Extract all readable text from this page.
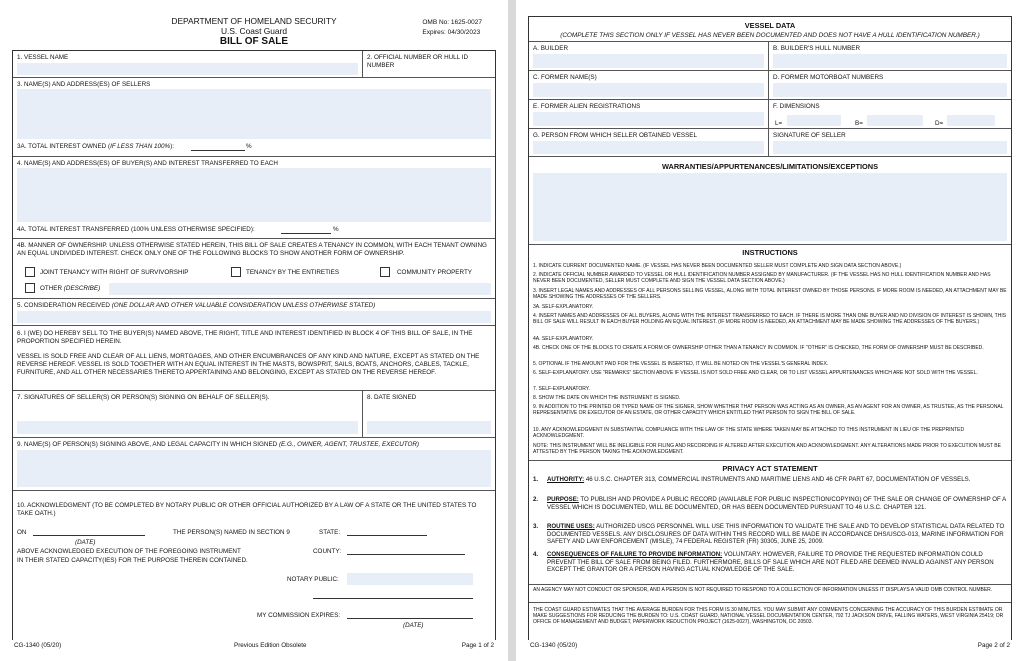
DEPARTMENT OF HOMELAND SECURITY
U.S. Coast Guard
BILL OF SALE
OMB No: 1625-0027
Expires: 04/30/2023
1. VESSEL NAME	2. OFFICIAL NUMBER OR HULL ID NUMBER
3. NAME(S) AND ADDRESS(ES) OF SELLERS
3A. TOTAL INTEREST OWNED (IF LESS THAN 100%):	%
4. NAME(S) AND ADDRESS(ES) OF BUYER(S) AND INTEREST TRANSFERRED TO EACH
4A. TOTAL INTEREST TRANSFERRED (100% UNLESS OTHERWISE SPECIFIED):	%
4B. MANNER OF OWNERSHIP. UNLESS OTHERWISE STATED HEREIN, THIS BILL OF SALE CREATES A TENANCY IN COMMON, WITH EACH TENANT OWNING AN EQUAL UNDIVIDED INTEREST. CHECK ONLY ONE OF THE FOLLOWING BLOCKS TO SHOW ANOTHER FORM OF OWNERSHIP.
JOINT TENANCY WITH RIGHT OF SURVIVORSHIP	TENANCY BY THE ENTIRETIES	COMMUNITY PROPERTY
OTHER (DESCRIBE)
5. CONSIDERATION RECEIVED (ONE DOLLAR AND OTHER VALUABLE CONSIDERATION UNLESS OTHERWISE STATED)
6. I (WE) DO HEREBY SELL TO THE BUYER(S) NAMED ABOVE, THE RIGHT, TITLE AND INTEREST IDENTIFIED IN BLOCK 4 OF THIS BILL OF SALE, IN THE PROPORTION SPECIFIED HEREIN.
VESSEL IS SOLD FREE AND CLEAR OF ALL LIENS, MORTGAGES, AND OTHER ENCUMBRANCES OF ANY KIND AND NATURE, EXCEPT AS STATED ON THE REVERSE HEREOF. VESSEL IS SOLD TOGETHER WITH AN EQUAL INTEREST IN THE MASTS, BOWSPRIT, SAILS, BOATS, ANCHORS, CABLES, TACKLE, FURNITURE, AND ALL OTHER NECESSARIES THERETO APPERTAINING AND BELONGING, EXCEPT AS STATED ON THE REVERSE HEREOF.
7. SIGNATURES OF SELLER(S) OR PERSON(S) SIGNING ON BEHALF OF SELLER(S).	8. DATE SIGNED
9. NAME(S) OF PERSON(S) SIGNING ABOVE, AND LEGAL CAPACITY IN WHICH SIGNED (E.G., OWNER, AGENT, TRUSTEE, EXECUTOR)
10. ACKNOWLEDGMENT (TO BE COMPLETED BY NOTARY PUBLIC OR OTHER OFFICIAL AUTHORIZED BY A LAW OF A STATE OR THE UNITED STATES TO TAKE OATH.)
ON
(DATE)
THE PERSON(S) NAMED IN SECTION 9	STATE:
ABOVE ACKNOWLEDGED EXECUTION OF THE FOREGOING INSTRUMENT
IN THEIR STATED CAPACITY(IES) FOR THE PURPOSE THEREIN CONTAINED.
COUNTY:
NOTARY PUBLIC:
MY COMMISSION EXPIRES:
(DATE)
CG-1340 (05/20)	Previous Edition Obsolete	Page 1 of 2
VESSEL DATA
(COMPLETE THIS SECTION ONLY IF VESSEL HAS NEVER BEEN DOCUMENTED AND DOES NOT HAVE A HULL IDENTIFICATION NUMBER.)
A. BUILDER	B. BUILDER'S HULL NUMBER
C. FORMER NAME(S)	D. FORMER MOTORBOAT NUMBERS
E. FORMER ALIEN REGISTRATIONS	F. DIMENSIONS
L=	B=	D=
G. PERSON FROM WHICH SELLER OBTAINED VESSEL	SIGNATURE OF SELLER
WARRANTIES/APPURTENANCES/LIMITATIONS/EXCEPTIONS
INSTRUCTIONS
1. INDICATE CURRENT DOCUMENTED NAME. (IF VESSEL HAS NEVER BEEN DOCUMENTED SELLER MUST COMPLETE AND SIGN DATA SECTION ABOVE.)
2. INDICATE OFFICIAL NUMBER AWARDED TO VESSEL OR HULL IDENTIFICATION NUMBER ASSIGNED BY MANUFACTURER. (IF THE VESSEL HAS NO HULL IDENTIFICATION NUMBER AND HAS NEVER BEEN DOCUMENTED, SELLER MUST COMPLETE AND SIGN THE VESSEL DATA SECTION ABOVE.)
3. INSERT LEGAL NAMES AND ADDRESSES OF ALL PERSONS SELLING VESSEL, ALONG WITH TOTAL INTEREST OWNED BY THOSE PERSONS. IF MORE ROOM IS NEEDED, AN ATTACHMENT MAY BE MADE SHOWING THE ADDRESSES OF THE SELLERS.
3A. SELF-EXPLANATORY.
4. INSERT NAMES AND ADDRESSES OF ALL BUYERS, ALONG WITH THE INTEREST TRANSFERRED TO EACH. IF THERE IS MORE THAN ONE BUYER AND NO DIVISION OF INTEREST IS SHOWN, THIS BILL OF SALE WILL RESULT IN EACH BUYER HOLDING AN EQUAL INTEREST. (IF MORE ROOM IS NEEDED, AN ATTACHMENT MAY BE MADE SHOWING THE ADDRESSES OF THE BUYERS.)
4A. SELF-EXPLANATORY.
4B. CHECK ONE OF THE BLOCKS TO CREATE A FORM OF OWNERSHIP OTHER THAN A TENANCY IN COMMON. IF "OTHER" IS CHECKED, THE FORM OF OWNERSHIP MUST BE DESCRIBED.
5. OPTIONAL IF THE AMOUNT PAID FOR THE VESSEL IS INSERTED, IT WILL BE NOTED ON THE VESSEL'S GENERAL INDEX.
6. SELF-EXPLANATORY. USE "REMARKS" SECTION ABOVE IF VESSEL IS NOT SOLD FREE AND CLEAR, OR TO LIST VESSEL APPURTENANCES WHICH ARE NOT SOLD WITH THE VESSEL.
7. SELF-EXPLANATORY.
8. SHOW THE DATE ON WHICH THE INSTRUMENT IS SIGNED.
9. IN ADDITION TO THE PRINTED OR TYPED NAME OF THE SIGNER, SHOW WHETHER THAT PERSON WAS ACTING AS AN OWNER, AS AN AGENT FOR AN OWNER, AS TRUSTEE, AS THE PERSONAL REPRESENTATIVE OR EXECUTOR OF AN ESTATE, OR OTHER CAPACITY WHICH ENTITLED THAT PERSON TO SIGN THE BILL OF SALE.
10. ANY ACKNOWLEDGMENT IN SUBSTANTIAL COMPLIANCE WITH THE LAW OF THE STATE WHERE TAKEN MAY BE ATTACHED TO THIS INSTRUMENT IN LIEU OF THE PREPRINTED ACKNOWLEDGMENT.
NOTE: THIS INSTRUMENT WILL BE INELIGIBLE FOR FILING AND RECORDING IF ALTERED AFTER EXECUTION AND ACKNOWLEDGMENT. ANY ALTERATIONS MADE PRIOR TO EXECUTION MUST BE ATTESTED BY THE PERSON TAKING THE ACKNOWLEDGMENT.
PRIVACY ACT STATEMENT
1. AUTHORITY: 46 U.S.C. CHAPTER 313, COMMERCIAL INSTRUMENTS AND MARITIME LIENS AND 46 CFR PART 67, DOCUMENTATION OF VESSELS.
2. PURPOSE: TO PUBLISH AND PROVIDE A PUBLIC RECORD (AVAILABLE FOR PUBLIC INSPECTION/COPYING) OF THE SALE OR CHANGE OF OWNERSHIP OF A VESSEL WHICH IS DOCUMENTED, WILL BE DOCUMENTED, OR HAS BEEN DOCUMENTED PURSUANT TO 46 U.S.C. CHAPTER 121.
3. ROUTINE USES: AUTHORIZED USCG PERSONNEL WILL USE THIS INFORMATION TO VALIDATE THE SALE AND TO DEVELOP STATISTICAL DATA RELATED TO DOCUMENTED VESSELS. ANY DISCLOSURES OF DATA WITHIN THIS RECORD WILL BE MADE IN ACCORDANCE DHS/USCG-013, MARINE INFORMATION FOR SAFETY AND LAW ENFORCEMENT (MISLE), 74 FEDERAL REGISTER (FR) 30305, JUNE 25, 2009.
4. CONSEQUENCES OF FAILURE TO PROVIDE INFORMATION: VOLUNTARY. HOWEVER, FAILURE TO PROVIDE THE REQUESTED INFORMATION COULD PREVENT THE BILL OF SALE FROM BEING FILED. FURTHERMORE, BILLS OF SALE WHICH ARE NOT FILED ARE DEEMED INVALID AGAINST ANY PERSON EXCEPT THE GRANTOR OR A PERSON HAVING ACTUAL KNOWLEDGE OF THE SALE.
AN AGENCY MAY NOT CONDUCT OR SPONSOR, AND A PERSON IS NOT REQUIRED TO RESPOND TO A COLLECTION OF INFORMATION UNLESS IT DISPLAYS A VALID OMB CONTROL NUMBER.
THE COAST GUARD ESTIMATES THAT THE AVERAGE BURDEN FOR THIS FORM IS 30 MINUTES. YOU MAY SUBMIT ANY COMMENTS CONCERNING THE ACCURACY OF THIS BURDEN ESTIMATE OR MAKE SUGGESTIONS FOR REDUCING THE BURDEN TO: U.S. COAST GUARD, NATIONAL VESSEL DOCUMENTATION CENTER, 792 TJ JACKSON DRIVE, FALLING WATERS, WEST VIRGINIA 25419; OR OFFICE OF MANAGEMENT AND BUDGET, PAPERWORK REDUCTION PROJECT (1625-0027), WASHINGTON, DC 20503.
CG-1340 (05/20)	Page 2 of 2
